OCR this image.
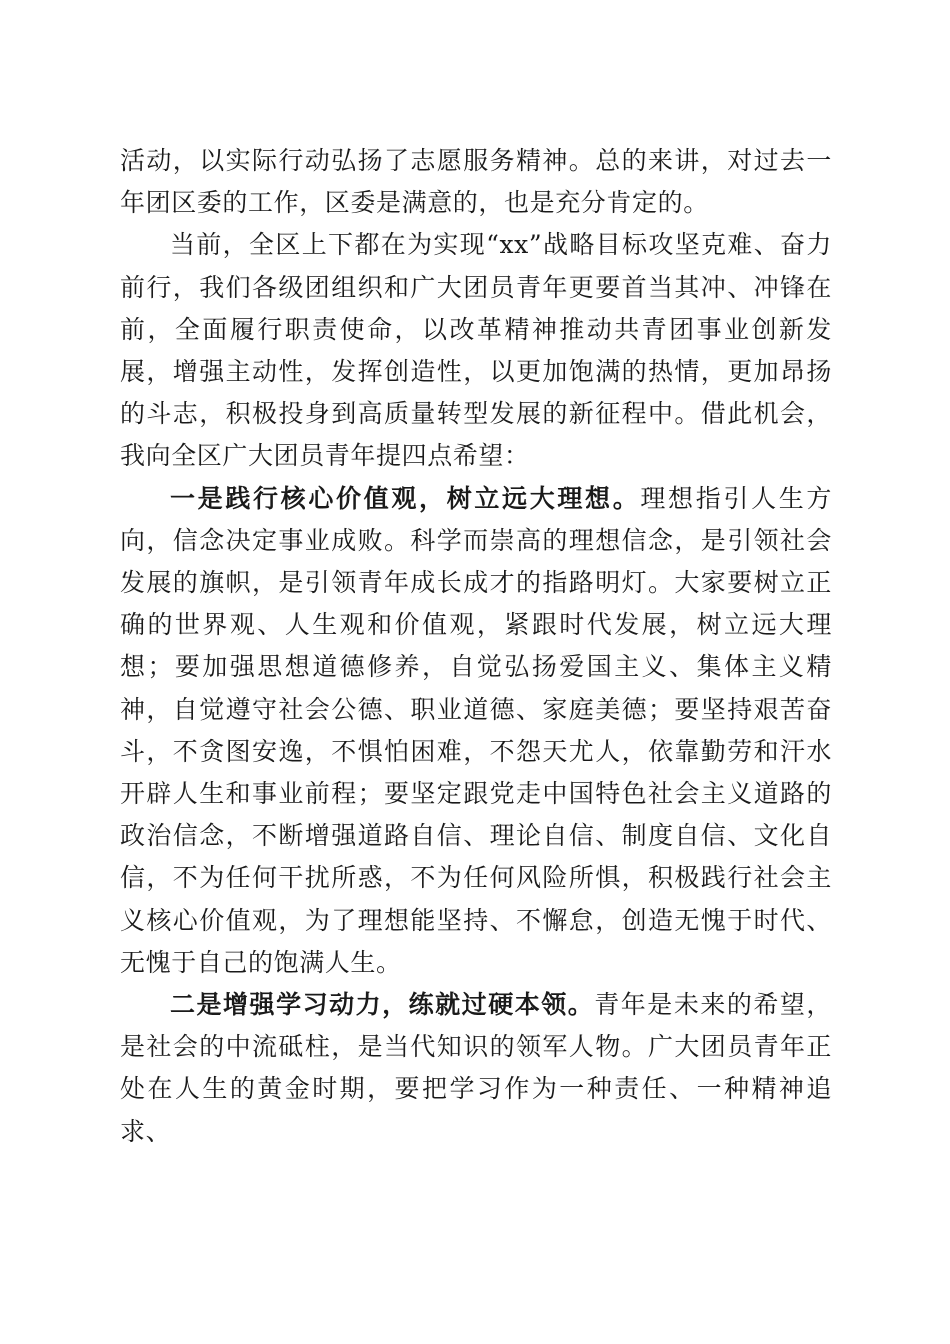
活动，以实际行动弘扬了志愿服务精神。总的来讲，对过去一年团区委的工作，区委是满意的，也是充分肯定的。

当前，全区上下都在为实现“xx”战略目标攻坚克难、奋力前行，我们各级团组织和广大团员青年更要首当其冲、冲锋在前，全面履行职责使命，以改革精神推动共青团事业创新发展，增强主动性，发挥创造性，以更加饱满的热情，更加昂扬的斗志，积极投身到高质量转型发展的新征程中。借此机会，我向全区广大团员青年提四点希望：

一是践行核心价值观，树立远大理想。理想指引人生方向，信念决定事业成败。科学而崇高的理想信念，是引领社会发展的旗帜，是引领青年成长成才的指路明灯。大家要树立正确的世界观、人生观和价值观，紧跟时代发展，树立远大理想；要加强思想道德修养，自觉弘扬爱国主义、集体主义精神，自觉遵守社会公德、职业道德、家庭美德；要坚持艰苦奋斗，不贪图安逸，不惧怕困难，不怨天尤人，依靠勤劳和汗水开辟人生和事业前程；要坚定跟党走中国特色社会主义道路的政治信念，不断增强道路自信、理论自信、制度自信、文化自信，不为任何干扰所惑，不为任何风险所惧，积极践行社会主义核心价值观，为了理想能坚持、不懈怠，创造无愧于时代、无愧于自己的饱满人生。

二是增强学习动力，练就过硬本领。青年是未来的希望，是社会的中流砥柱，是当代知识的领军人物。广大团员青年正处在人生的黄金时期，要把学习作为一种责任、一种精神追求、
